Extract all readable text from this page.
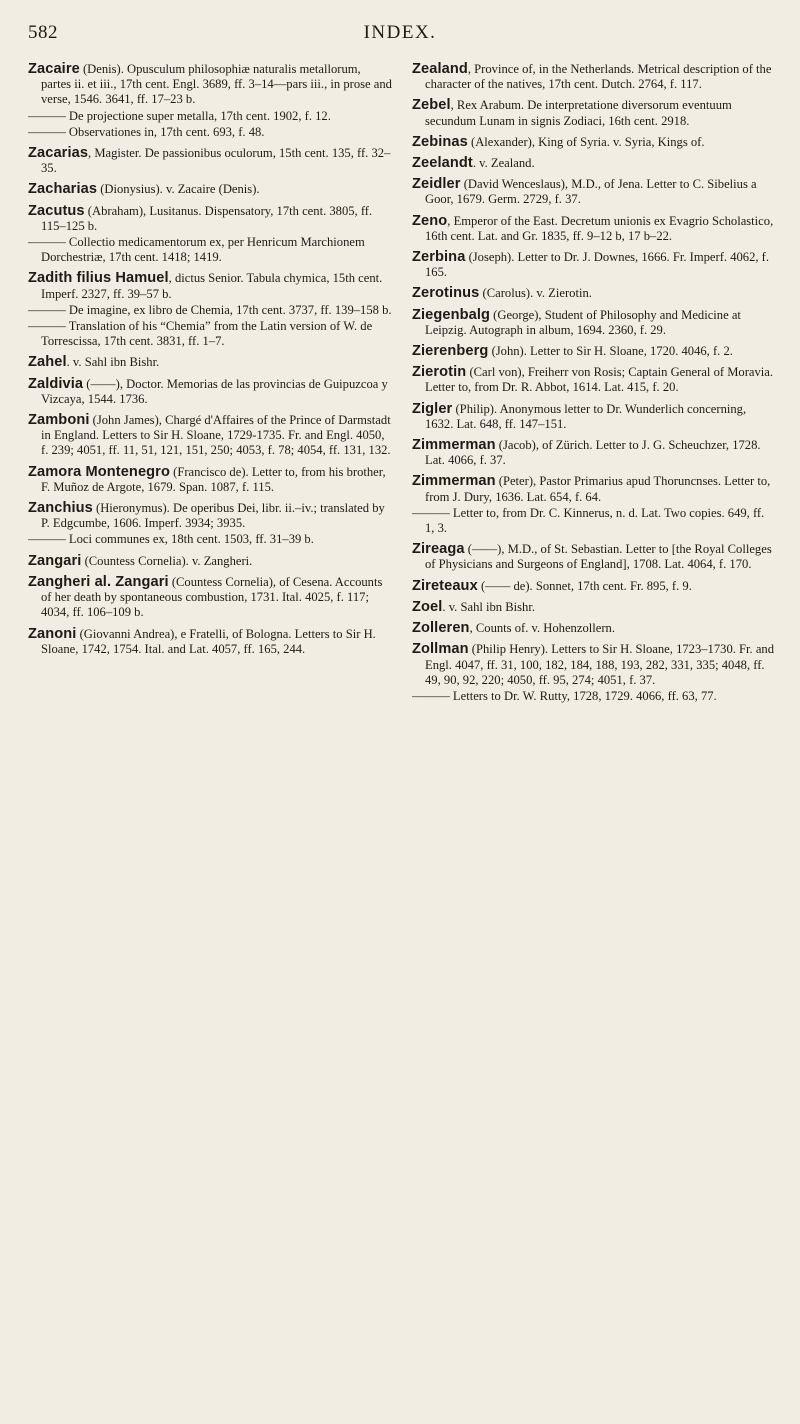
582	INDEX.
Zacaire (Denis). Opusculum philosophiæ naturalis metallorum, partes ii. et iii., 17th cent. Engl. 3689, ff. 3–14—pars iii., in prose and verse, 1546. 3641, ff. 17–23 b.
——— De projectione super metalla, 17th cent. 1902, f. 12.
——— Observationes in, 17th cent. 693, f. 48.
Zacarias, Magister. De passionibus oculorum, 15th cent. 135, ff. 32–35.
Zacharias (Dionysius). v. Zacaire (Denis).
Zacutus (Abraham), Lusitanus. Dispensatory, 17th cent. 3805, ff. 115–125 b.
——— Collectio medicamentorum ex, per Henricum Marchionem Dorchestriæ, 17th cent. 1418; 1419.
Zadith filius Hamuel, dictus Senior. Tabula chymica, 15th cent. Imperf. 2327, ff. 39–57 b.
——— De imagine, ex libro de Chemia, 17th cent. 3737, ff. 139–158 b.
——— Translation of his “Chemia” from the Latin version of W. de Torrescissa, 17th cent. 3831, ff. 1–7.
Zahel. v. Sahl ibn Bishr.
Zaldivia (——), Doctor. Memorias de las provincias de Guipuzcoa y Vizcaya, 1544. 1736.
Zamboni (John James), Chargé d'Affaires of the Prince of Darmstadt in England. Letters to Sir H. Sloane, 1729-1735. Fr. and Engl. 4050, f. 239; 4051, ff. 11, 51, 121, 151, 250; 4053, f. 78; 4054, ff. 131, 132.
Zamora Montenegro (Francisco de). Letter to, from his brother, F. Muñoz de Argote, 1679. Span. 1087, f. 115.
Zanchius (Hieronymus). De operibus Dei, libr. ii.–iv.; translated by P. Edgcumbe, 1606. Imperf. 3934; 3935.
——— Loci communes ex, 18th cent. 1503, ff. 31–39 b.
Zangari (Countess Cornelia). v. Zangheri.
Zangheri al. Zangari (Countess Cornelia), of Cesena. Accounts of her death by spontaneous combustion, 1731. Ital. 4025, f. 117; 4034, ff. 106–109 b.
Zanoni (Giovanni Andrea), e Fratelli, of Bologna. Letters to Sir H. Sloane, 1742, 1754. Ital. and Lat. 4057, ff. 165, 244.
Zealand, Province of, in the Netherlands. Metrical description of the character of the natives, 17th cent. Dutch. 2764, f. 117.
Zebel, Rex Arabum. De interpretatione diversorum eventuum secundum Lunam in signis Zodiaci, 16th cent. 2918.
Zebinas (Alexander), King of Syria. v. Syria, Kings of.
Zeelandt. v. Zealand.
Zeidler (David Wenceslaus), M.D., of Jena. Letter to C. Sibelius a Goor, 1679. Germ. 2729, f. 37.
Zeno, Emperor of the East. Decretum unionis ex Evagrio Scholastico, 16th cent. Lat. and Gr. 1835, ff. 9–12 b, 17 b–22.
Zerbina (Joseph). Letter to Dr. J. Downes, 1666. Fr. Imperf. 4062, f. 165.
Zerotinus (Carolus). v. Zierotin.
Ziegenbalg (George), Student of Philosophy and Medicine at Leipzig. Autograph in album, 1694. 2360, f. 29.
Zierenberg (John). Letter to Sir H. Sloane, 1720. 4046, f. 2.
Zierotin (Carl von), Freiherr von Rosis; Captain General of Moravia. Letter to, from Dr. R. Abbot, 1614. Lat. 415, f. 20.
Zigler (Philip). Anonymous letter to Dr. Wunderlich concerning, 1632. Lat. 648, ff. 147–151.
Zimmerman (Jacob), of Zürich. Letter to J. G. Scheuchzer, 1728. Lat. 4066, f. 37.
Zimmerman (Peter), Pastor Primarius apud Thoruncnses. Letter to, from J. Dury, 1636. Lat. 654, f. 64.
——— Letter to, from Dr. C. Kinnerus, n. d. Lat. Two copies. 649, ff. 1, 3.
Zireaga (——), M.D., of St. Sebastian. Letter to [the Royal Colleges of Physicians and Surgeons of England], 1708. Lat. 4064, f. 170.
Zireteaux (—— de). Sonnet, 17th cent. Fr. 895, f. 9.
Zoel. v. Sahl ibn Bishr.
Zolleren, Counts of. v. Hohenzollern.
Zollman (Philip Henry). Letters to Sir H. Sloane, 1723–1730. Fr. and Engl. 4047, ff. 31, 100, 182, 184, 188, 193, 282, 331, 335; 4048, ff. 49, 90, 92, 220; 4050, ff. 95, 274; 4051, f. 37.
——— Letters to Dr. W. Rutty, 1728, 1729. 4066, ff. 63, 77.
